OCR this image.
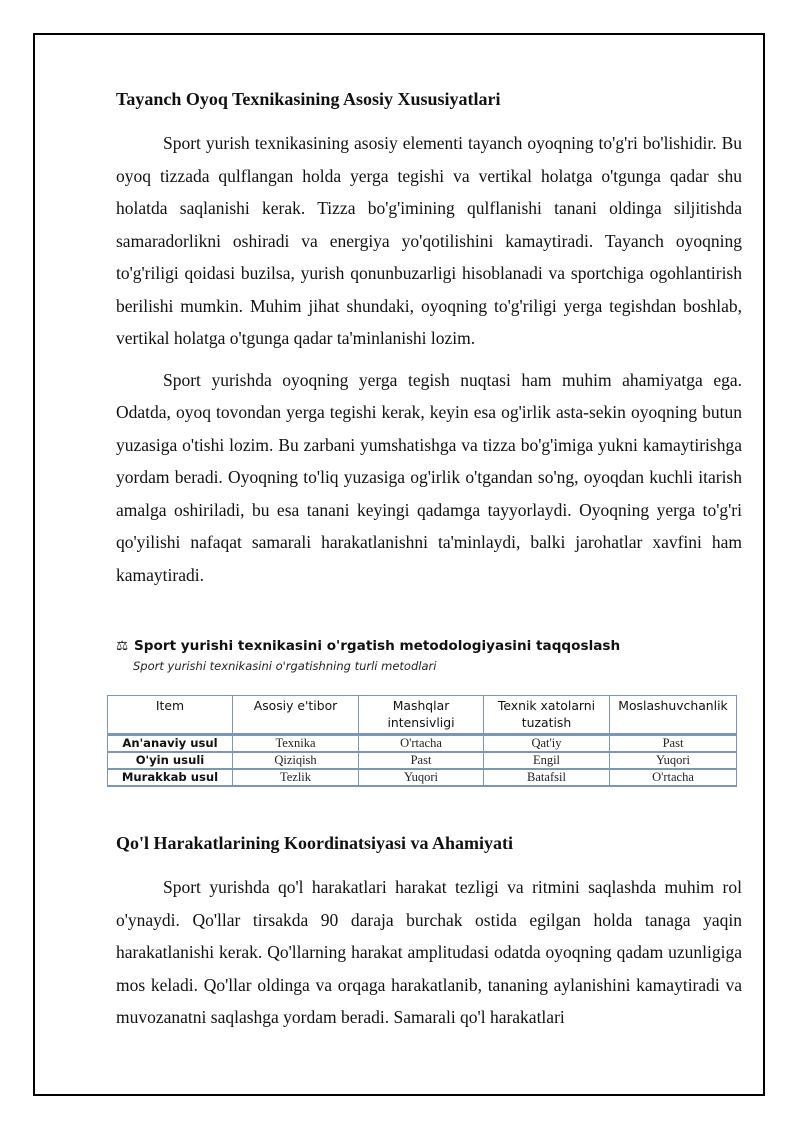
Tayanch Oyoq Texnikasining Asosiy Xususiyatlari

Sport yurish texnikasining asosiy elementi tayanch oyoqning to'g'ri bo'lishidir. Bu oyoq tizzada qulflangan holda yerga tegishi va vertikal holatga o'tgunga qadar shu holatda saqlanishi kerak. Tizza bo'g'imining qulflanishi tanani oldinga siljitishda samaradorlikni oshiradi va energiya yo'qotilishini kamaytiradi. Tayanch oyoqning to'g'riligi qoidasi buzilsa, yurish qonunbuzarligi hisoblanadi va sportchiga ogohlantirish berilishi mumkin. Muhim jihat shundaki, oyoqning to'g'riligi yerga tegishdan boshlab, vertikal holatga o'tgunga qadar ta'minlanishi lozim.

Sport yurishda oyoqning yerga tegish nuqtasi ham muhim ahamiyatga ega. Odatda, oyoq tovondan yerga tegishi kerak, keyin esa og'irlik asta-sekin oyoqning butun yuzasiga o'tishi lozim. Bu zarbani yumshatishga va tizza bo'g'imiga yukni kamaytirishga yordam beradi. Oyoqning to'liq yuzasiga og'irlik o'tgandan so'ng, oyoqdan kuchli itarish amalga oshiriladi, bu esa tanani keyingi qadamga tayyorlaydi. Oyoqning yerga to'g'ri qo'yilishi nafaqat samarali harakatlanishni ta'minlaydi, balki jarohatlar xavfini ham kamaytiradi.

⚖ Sport yurishi texnikasini o'rgatish metodologiyasini taqqoslash

Sport yurishi texnikasini o'rgatishning turli metodlari

Item	Asosiy e'tibor	Mashqlar intensivligi	Texnik xatolarni tuzatish	Moslashuvchanlik
An'anaviy usul	Texnika	O'rtacha	Qat'iy	Past
O'yin usuli	Qiziqish	Past	Engil	Yuqori
Murakkab usul	Tezlik	Yuqori	Batafsil	O'rtacha
Qo'l Harakatlarining Koordinatsiyasi va Ahamiyati

Sport yurishda qo'l harakatlari harakat tezligi va ritmini saqlashda muhim rol o'ynaydi. Qo'llar tirsakda 90 daraja burchak ostida egilgan holda tanaga yaqin harakatlanishi kerak. Qo'llarning harakat amplitudasi odatda oyoqning qadam uzunligiga mos keladi. Qo'llar oldinga va orqaga harakatlanib, tananing aylanishini kamaytiradi va muvozanatni saqlashga yordam beradi. Samarali qo'l harakatlari
